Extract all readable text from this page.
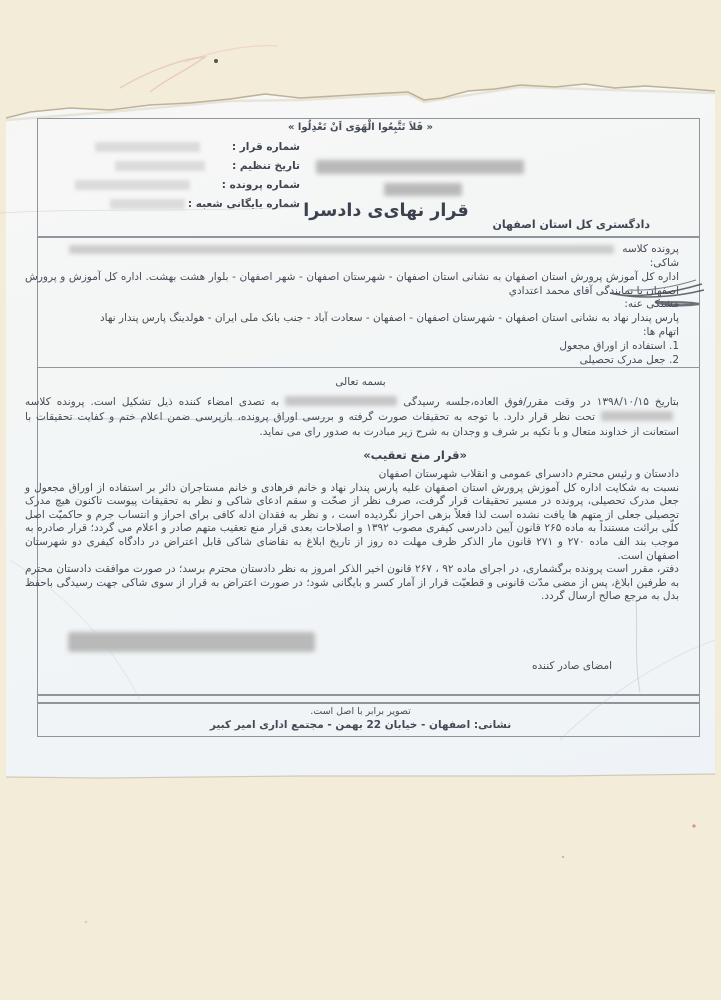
« فَلاَ تَتَّبِعُوا الْهَوَى اَنْ تَعْدِلُوا »
شماره قرار :
تاریخ تنظیم :
شماره پرونده :
شماره بایگانی شعبه : قرار نهای‌ی دادسرا
دادگستری کل استان اصفهان
پرونده کلاسه

شاکی:

اداره کل آموزش پرورش استان اصفهان به نشانی استان اصفهان - شهرستان اصفهان - شهر اصفهان - بلوار هشت بهشت. اداره کل آموزش و پرورش اصفهان با نمایندگی آقای محمد اعتدادي

مشتکی عنه:

پارس پندار نهاد به نشانی استان اصفهان - شهرستان اصفهان - اصفهان - سعادت آباد - جنب بانک ملی ایران - هولدینگ پارس پندار نهاد

اتهام ها:

1. استفاده از اوراق مجعول

2. جعل مدرک تحصیلی

بسمه تعالی

بتاریخ ۱۳۹۸/۱۰/۱۵ در وقت مقرر/فوق العاده،جلسه رسیدگیبه تصدی امضاء کننده ذیل تشکیل است. پرونده کلاسهتحت نظر قرار دارد. با توجه به تحقیقات صورت گرفته و بررسی اوراق پرونده، بازپرسی ضمن اعلام ختم و کفایت تحقیقات با استعانت از خداوند متعال و با تکیه بر شرف و وجدان به شرح زیر مبادرت به صدور رای می نماید.

«قرار منع تعقیب»

دادستان و رئیس محترم دادسرای عمومی و انقلاب شهرستان اصفهان

نسبت به شکایت اداره کل آموزش پرورش استان اصفهان علیه پارس پندار نهاد و خانم فرهادی و خانم مستاجران دائر بر استفاده از اوراق مجعول و جعل مدرک تحصیلی، پرونده در مسیر تحقیقات قرار گرفت، صرف نظر از صحّت و سقم ادعای شاکی و نظر به تحقیقات پیوست تاکنون هیچ مدرک تحصیلی جعلی از متهم ها یافت نشده است لذا فعلاً بزهی احراز نگردیده است ، و نظر به فقدان ادله کافی برای احراز و انتساب جرم و حاکمیّت اصل کلّی برائت مستنداً به ماده ۲۶۵ قانون آیین دادرسی کیفری مصوب ۱۳۹۲ و اصلاحات بعدی قرار منع تعقیب متهم صادر و اعلام می گردد؛ قرار صادره به موجب بند الف ماده ۲۷۰ و ۲۷۱ قانون مار الذکر ظرف مهلت ده روز از تاریخ ابلاغ به تقاضای شاکی قابل اعتراض در دادگاه کیفری دو شهرستان اصفهان است.

دفتر، مقرر است پرونده برگشماری، در اجرای ماده ۹۲ ، ۲۶۷ قانون اخیر الذکر امروز به نظر دادستان محترم برسد؛ در صورت موافقت دادستان محترم به طرفین ابلاغ، پس از مضی مدّت قانونی و قطعیّت قرار از آمار کسر و بایگانی شود؛ در صورت اعتراض به قرار از سوی شاکی جهت رسیدگی باحفظ بدل به مرجع صالح ارسال گردد.

امضای صادر کننده
تصویر برابر با اصل است.
نشانی: اصفهان - خیابان 22 بهمن - مجتمع اداری امیر کبیر
